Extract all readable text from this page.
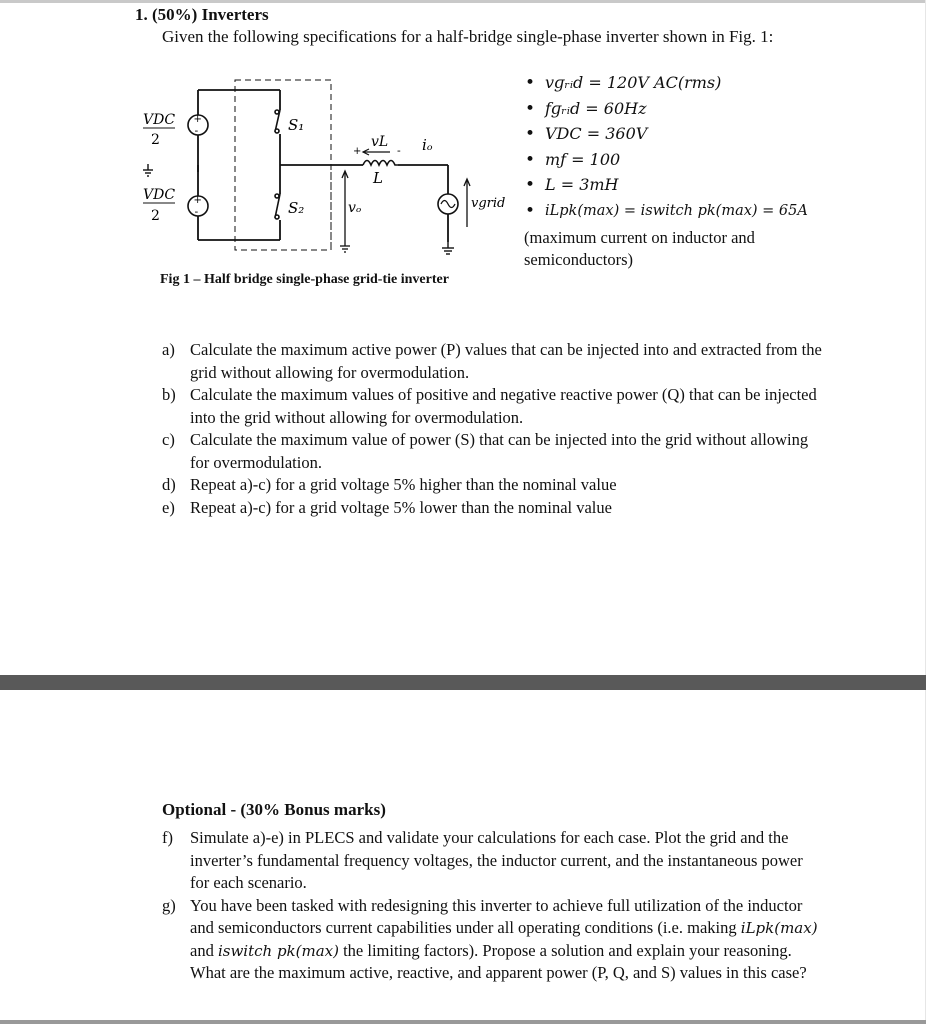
1. (50%) Inverters
Given the following specifications for a half-bridge single-phase inverter shown in Fig. 1:
+
-
+
-
VDC
2
VDC
2
S₁
S₂
vL
+	- iₒ
L
vₒ	vgrid
• vɡᵣᵢd = 120V AC(rms)
• fɡᵣᵢd = 60Hz
• VDC = 360V
• mƒ = 100
• L = 3mH
• iLpk(max) = iswitch pk(max) = 65A
(maximum current on inductor and
semiconductors)
Fig 1 – Half bridge single-phase grid-tie inverter
a) Calculate the maximum active power (P) values that can be injected into and extracted from the grid without allowing for overmodulation.
b) Calculate the maximum values of positive and negative reactive power (Q) that can be injected into the grid without allowing for overmodulation.
c) Calculate the maximum value of power (S) that can be injected into the grid without allowing for overmodulation.
d) Repeat a)-c) for a grid voltage 5% higher than the nominal value
e) Repeat a)-c) for a grid voltage 5% lower than the nominal value
Optional - (30% Bonus marks)
f) Simulate a)-e) in PLECS and validate your calculations for each case. Plot the grid and the inverter’s fundamental frequency voltages, the inductor current, and the instantaneous power for each scenario.
g) You have been tasked with redesigning this inverter to achieve full utilization of the inductor and semiconductors current capabilities under all operating conditions (i.e. making iLpk(max) and iswitch pk(max) the limiting factors). Propose a solution and explain your reasoning. What are the maximum active, reactive, and apparent power (P, Q, and S) values in this case?
